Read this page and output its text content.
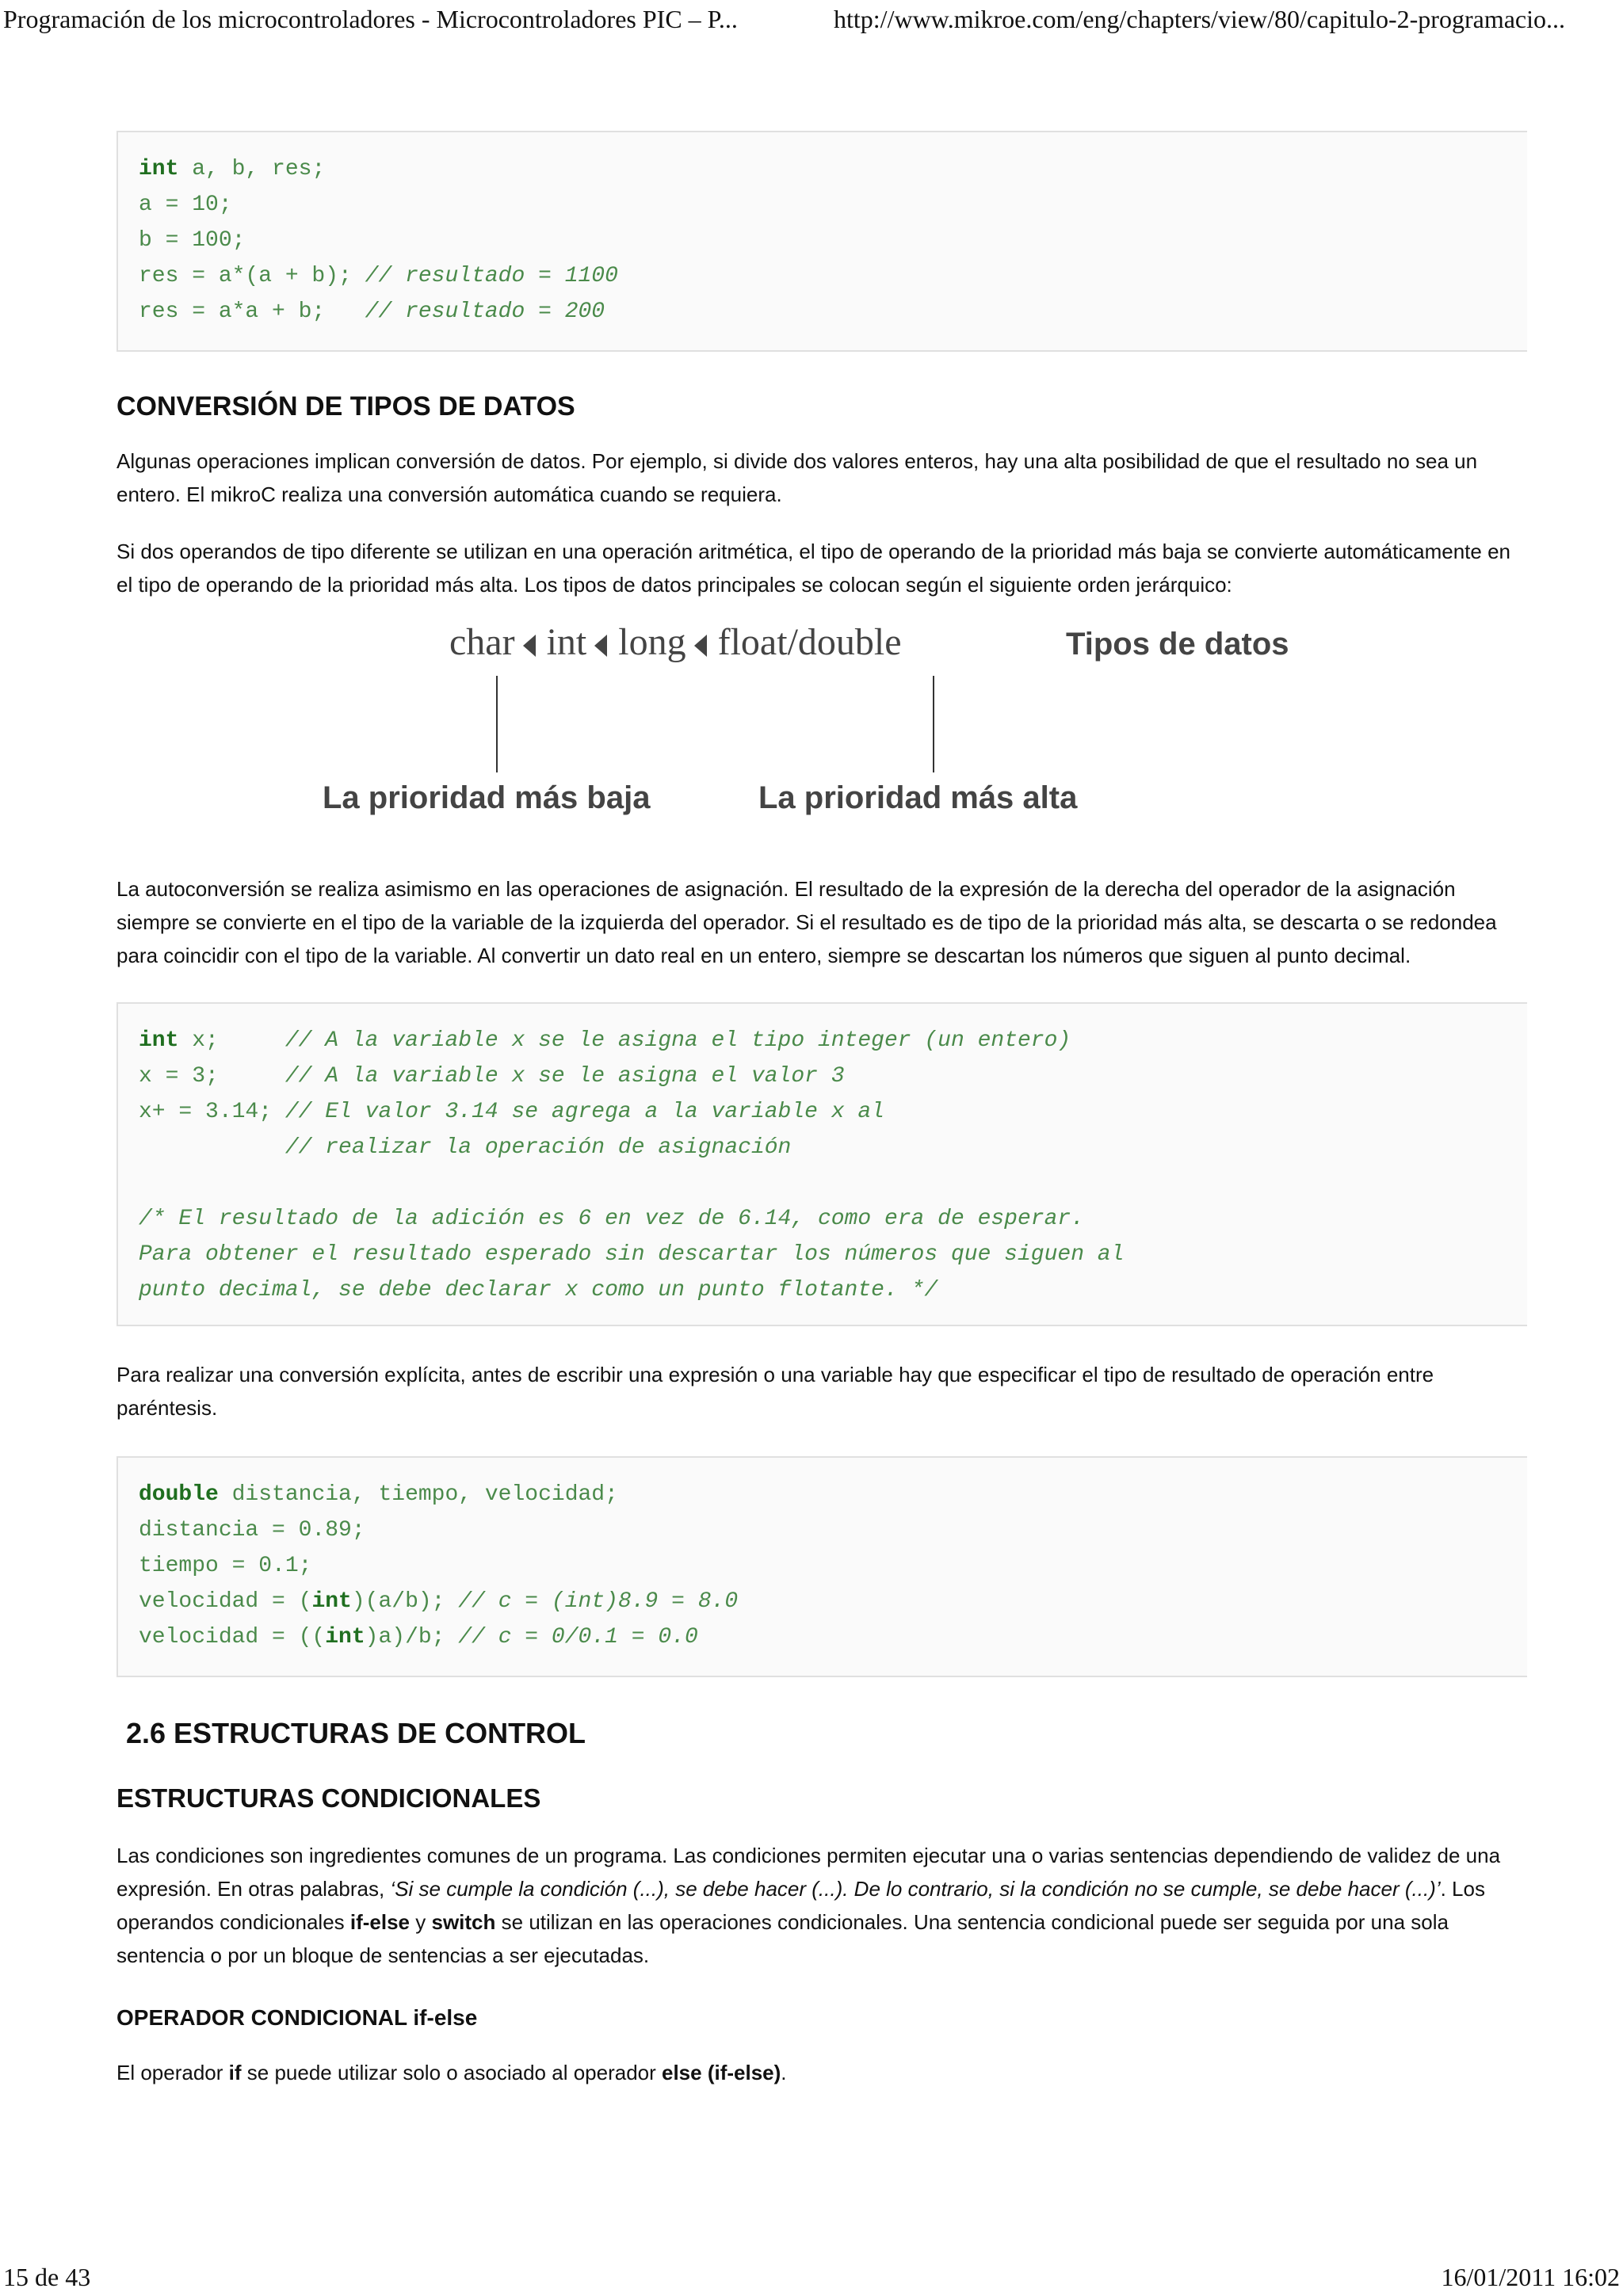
Programación de los microcontroladores - Microcontroladores PIC – P...	http://www.mikroe.com/eng/chapters/view/80/capitulo-2-programacio...
int a, b, res;
a = 10;
b = 100;
res = a*(a + b); // resultado = 1100
res = a*a + b;   // resultado = 200
CONVERSIÓN DE TIPOS DE DATOS

Algunas operaciones implican conversión de datos. Por ejemplo, si divide dos valores enteros, hay una alta posibilidad de que el resultado no sea un entero. El mikroC realiza una conversión automática cuando se requiera.

Si dos operandos de tipo diferente se utilizan en una operación aritmética, el tipo de operando de la prioridad más baja se convierte automáticamente en el tipo de operando de la prioridad más alta. Los tipos de datos principales se colocan según el siguiente orden jerárquico:

char int long float/double	Tipos de datos
La prioridad más baja	La prioridad más alta

La autoconversión se realiza asimismo en las operaciones de asignación. El resultado de la expresión de la derecha del operador de la asignación siempre se convierte en el tipo de la variable de la izquierda del operador. Si el resultado es de tipo de la prioridad más alta, se descarta o se redondea para coincidir con el tipo de la variable. Al convertir un dato real en un entero, siempre se descartan los números que siguen al punto decimal.

int x;     // A la variable x se le asigna el tipo integer (un entero)
x = 3;     // A la variable x se le asigna el valor 3
x+ = 3.14; // El valor 3.14 se agrega a la variable x al
// realizar la operación de asignación

/* El resultado de la adición es 6 en vez de 6.14, como era de esperar.
Para obtener el resultado esperado sin descartar los números que siguen al
punto decimal, se debe declarar x como un punto flotante. */

Para realizar una conversión explícita, antes de escribir una expresión o una variable hay que especificar el tipo de resultado de operación entre paréntesis.

double distancia, tiempo, velocidad;
distancia = 0.89;
tiempo = 0.1;
velocidad = (int)(a/b); // c = (int)8.9 = 8.0
velocidad = ((int)a)/b; // c = 0/0.1 = 0.0
2.6 ESTRUCTURAS DE CONTROL
ESTRUCTURAS CONDICIONALES

Las condiciones son ingredientes comunes de un programa. Las condiciones permiten ejecutar una o varias sentencias dependiendo de validez de una expresión. En otras palabras, ‘Si se cumple la condición (...), se debe hacer (...). De lo contrario, si la condición no se cumple, se debe hacer (...)’. Los operandos condicionales if-else y switch se utilizan en las operaciones condicionales. Una sentencia condicional puede ser seguida por una sola sentencia o por un bloque de sentencias a ser ejecutadas.

OPERADOR CONDICIONAL if-else

El operador if se puede utilizar solo o asociado al operador else (if-else).

15 de 43	16/01/2011 16:02
